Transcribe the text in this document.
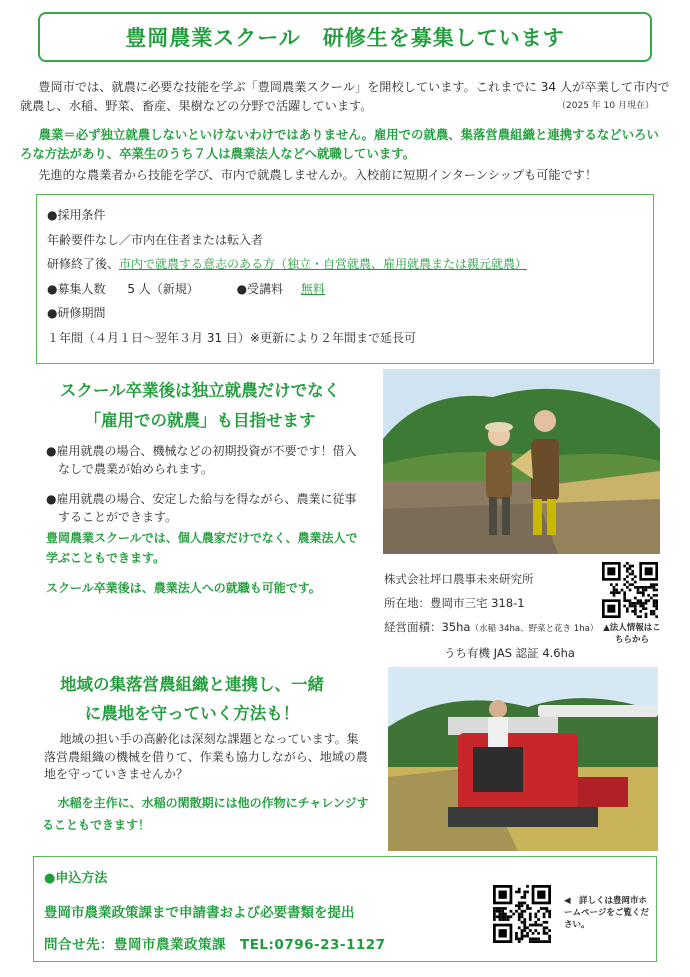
豊岡農業スクール　研修生を募集しています

豊岡市では、就農に必要な技能を学ぶ「豊岡農業スクール」を開校しています。これまでに 34 人が卒業して市内で就農し、水稲、野菜、畜産、果樹などの分野で活躍しています。	（2025 年 10 月現在）

農業＝必ず独立就農しないといけないわけではありません。雇用での就農、集落営農組織と連携するなどいろいろな方法があり、卒業生のうち７人は農業法人などへ就職しています。

先進的な農業者から技能を学び、市内で就農しませんか。入校前に短期インターンシップも可能です！

●採用条件
年齢要件なし／市内在住者または転入者
研修終了後、市内で就農する意志のある方（独立・自営就農、雇用就農または親元就農）
●募集人数 5 人（新規）	●受講料 無料
●研修期間
１年間（４月１日～翌年３月 31 日）※更新により２年間まで延長可
スクール卒業後は独立就農だけでなく
「雇用での就農」も目指せます

●雇用就農の場合、機械などの初期投資が不要です！借入なしで農業が始められます。

●雇用就農の場合、安定した給与を得ながら、農業に従事することができます。

豊岡農業スクールでは、個人農家だけでなく、農業法人で学ぶこともできます。

スクール卒業後は、農業法人への就職も可能です。

株式会社坪口農事未来研究所
所在地：豊岡市三宅 318-1
経営面積：35ha（水稲 34ha、野菜と花き 1ha）
うち有機 JAS 認証 4.6ha
▲法人情報はこちらから
地域の集落営農組織と連携し、一緒
に農地を守っていく方法も！

地域の担い手の高齢化は深刻な課題となっています。集落営農組織の機械を借りて、作業も協力しながら、地域の農地を守っていきませんか？

水稲を主作に、水稲の閑散期には他の作物にチャレンジすることもできます！

●申込方法
豊岡市農業政策課まで申請書および必要書類を提出
問合せ先：豊岡市農業政策課　TEL:0796-23-1127
◀　詳しくは豊岡市ホームページをご覧ください。
